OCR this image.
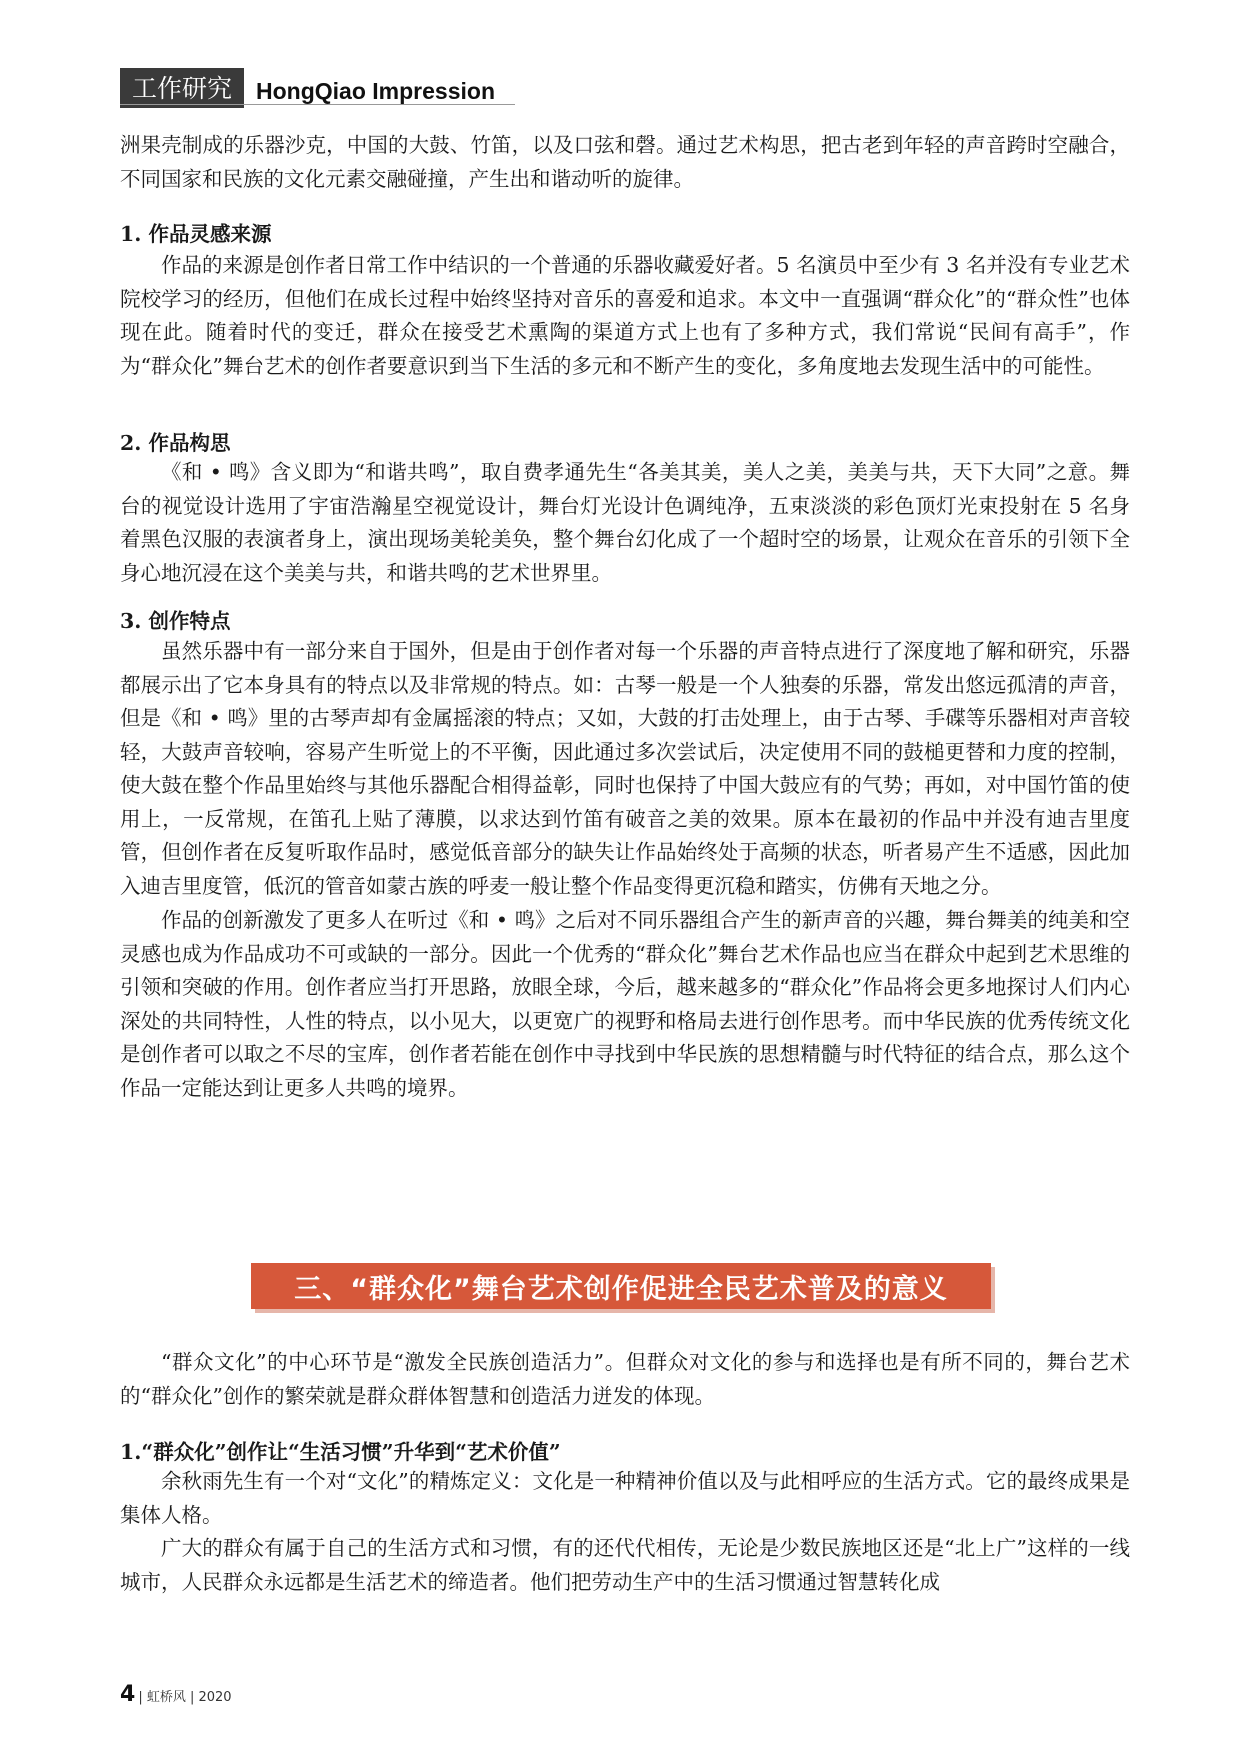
工作研究	HongQiao Impression

洲果壳制成的乐器沙克，中国的大鼓、竹笛，以及口弦和磬。通过艺术构思，把古老到年轻的声音跨时空融合，不同国家和民族的文化元素交融碰撞，产生出和谐动听的旋律。

1. 作品灵感来源

作品的来源是创作者日常工作中结识的一个普通的乐器收藏爱好者。5 名演员中至少有 3 名并没有专业艺术院校学习的经历，但他们在成长过程中始终坚持对音乐的喜爱和追求。本文中一直强调“群众化”的“群众性”也体现在此。随着时代的变迁，群众在接受艺术熏陶的渠道方式上也有了多种方式，我们常说“民间有高手”，作为“群众化”舞台艺术的创作者要意识到当下生活的多元和不断产生的变化，多角度地去发现生活中的可能性。

2. 作品构思

《和 • 鸣》含义即为“和谐共鸣”，取自费孝通先生“各美其美，美人之美，美美与共，天下大同”之意。舞台的视觉设计选用了宇宙浩瀚星空视觉设计，舞台灯光设计色调纯净，五束淡淡的彩色顶灯光束投射在 5 名身着黑色汉服的表演者身上，演出现场美轮美奂，整个舞台幻化成了一个超时空的场景，让观众在音乐的引领下全身心地沉浸在这个美美与共，和谐共鸣的艺术世界里。

3. 创作特点

虽然乐器中有一部分来自于国外，但是由于创作者对每一个乐器的声音特点进行了深度地了解和研究，乐器都展示出了它本身具有的特点以及非常规的特点。如：古琴一般是一个人独奏的乐器，常发出悠远孤清的声音，但是《和 • 鸣》里的古琴声却有金属摇滚的特点；又如，大鼓的打击处理上，由于古琴、手碟等乐器相对声音较轻，大鼓声音较响，容易产生听觉上的不平衡，因此通过多次尝试后，决定使用不同的鼓槌更替和力度的控制，使大鼓在整个作品里始终与其他乐器配合相得益彰，同时也保持了中国大鼓应有的气势；再如，对中国竹笛的使用上，一反常规，在笛孔上贴了薄膜，以求达到竹笛有破音之美的效果。原本在最初的作品中并没有迪吉里度管，但创作者在反复听取作品时，感觉低音部分的缺失让作品始终处于高频的状态，听者易产生不适感，因此加入迪吉里度管，低沉的管音如蒙古族的呼麦一般让整个作品变得更沉稳和踏实，仿佛有天地之分。

作品的创新激发了更多人在听过《和 • 鸣》之后对不同乐器组合产生的新声音的兴趣，舞台舞美的纯美和空灵感也成为作品成功不可或缺的一部分。因此一个优秀的“群众化”舞台艺术作品也应当在群众中起到艺术思维的引领和突破的作用。创作者应当打开思路，放眼全球，今后，越来越多的“群众化”作品将会更多地探讨人们内心深处的共同特性，人性的特点，以小见大，以更宽广的视野和格局去进行创作思考。而中华民族的优秀传统文化是创作者可以取之不尽的宝库，创作者若能在创作中寻找到中华民族的思想精髓与时代特征的结合点，那么这个作品一定能达到让更多人共鸣的境界。

三、“群众化”舞台艺术创作促进全民艺术普及的意义

“群众文化”的中心环节是“激发全民族创造活力”。但群众对文化的参与和选择也是有所不同的，舞台艺术的“群众化”创作的繁荣就是群众群体智慧和创造活力迸发的体现。

1.“群众化”创作让“生活习惯”升华到“艺术价值”

余秋雨先生有一个对“文化”的精炼定义：文化是一种精神价值以及与此相呼应的生活方式。它的最终成果是集体人格。

广大的群众有属于自己的生活方式和习惯，有的还代代相传，无论是少数民族地区还是“北上广”这样的一线城市，人民群众永远都是生活艺术的缔造者。他们把劳动生产中的生活习惯通过智慧转化成

4 | 虹桥风 | 2020
